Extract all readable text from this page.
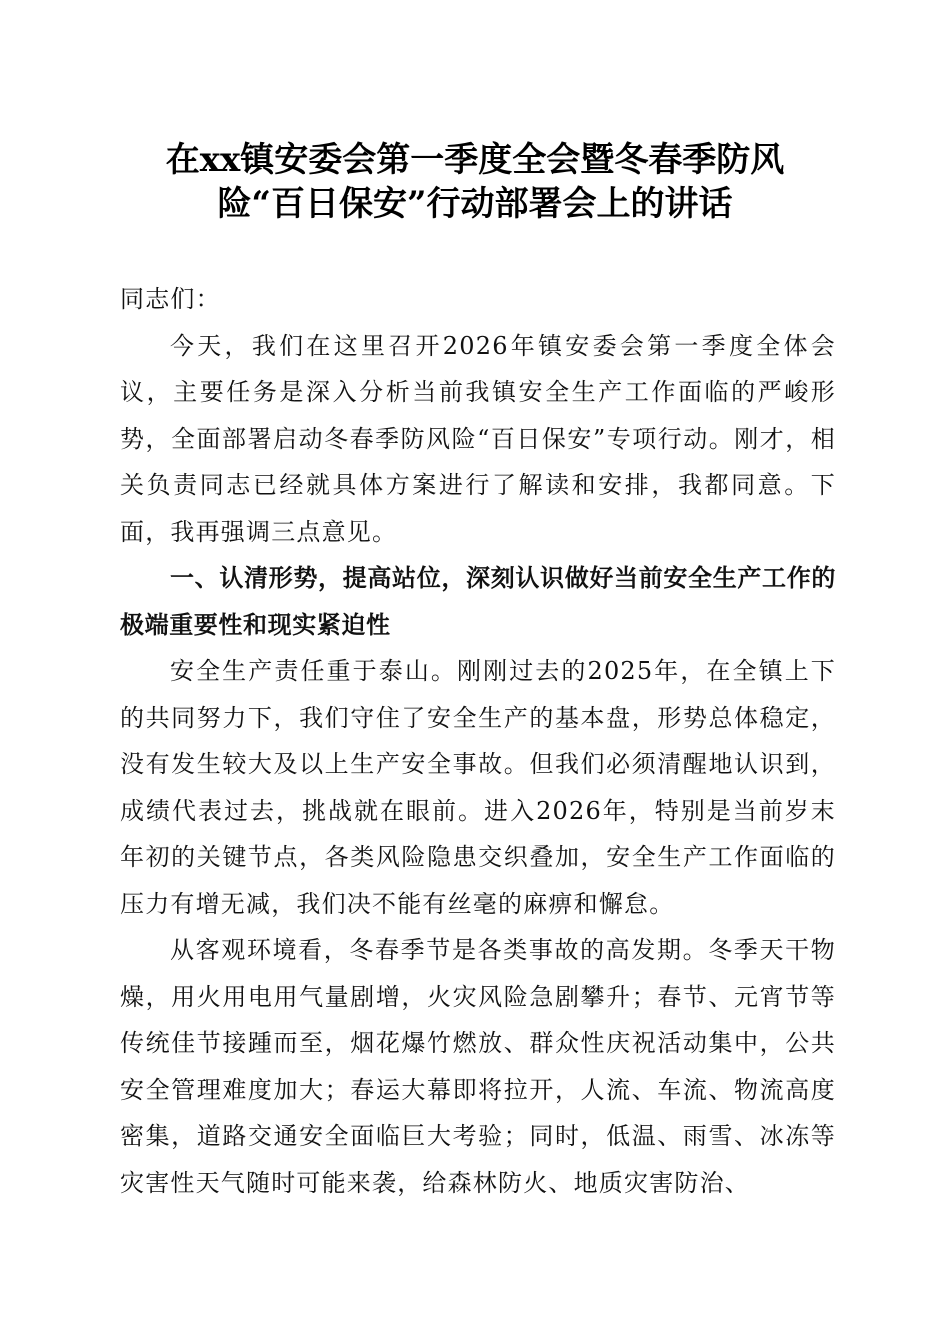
在xx镇安委会第一季度全会暨冬春季防风
险“百日保安”行动部署会上的讲话

同志们：

今天，我们在这里召开2026年镇安委会第一季度全体会议，主要任务是深入分析当前我镇安全生产工作面临的严峻形势，全面部署启动冬春季防风险“百日保安”专项行动。刚才，相关负责同志已经就具体方案进行了解读和安排，我都同意。下面，我再强调三点意见。

一、认清形势，提高站位，深刻认识做好当前安全生产工作的极端重要性和现实紧迫性

安全生产责任重于泰山。刚刚过去的2025年，在全镇上下的共同努力下，我们守住了安全生产的基本盘，形势总体稳定，没有发生较大及以上生产安全事故。但我们必须清醒地认识到，成绩代表过去，挑战就在眼前。进入2026年，特别是当前岁末年初的关键节点，各类风险隐患交织叠加，安全生产工作面临的压力有增无减，我们决不能有丝毫的麻痹和懈怠。

从客观环境看，冬春季节是各类事故的高发期。冬季天干物燥，用火用电用气量剧增，火灾风险急剧攀升；春节、元宵节等传统佳节接踵而至，烟花爆竹燃放、群众性庆祝活动集中，公共安全管理难度加大；春运大幕即将拉开，人流、车流、物流高度密集，道路交通安全面临巨大考验；同时，低温、雨雪、冰冻等灾害性天气随时可能来袭，给森林防火、地质灾害防治、
